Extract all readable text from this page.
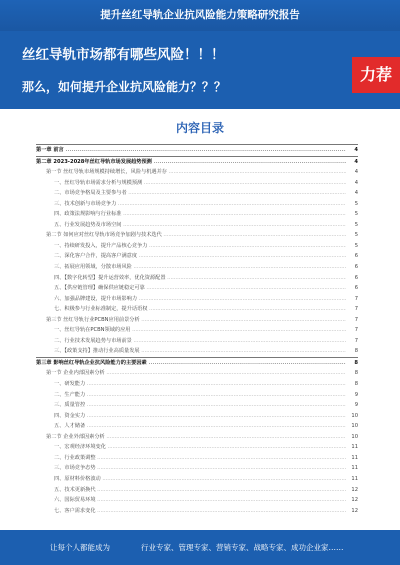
提升丝红导轨企业抗风险能力策略研究报告
丝红导轨市场都有哪些风险！！！
那么，如何提升企业抗风险能力？？？
力荐
内容目录
第一章 前言 .....	4
第二章 2023-2028年丝红导轨市场发展趋势预测 .....	4
第一节 丝红导轨市场规模持续增长，风险与机遇并存 .....	4
一、丝红导轨市场需求分析与规模预测 .....	4
二、市场竞争格局及主要参与者 .....	4
三、技术创新与市场竞争力 .....	5
四、政策法规影响与行业标准 .....	5
五、行业发展趋势及市场空间 .....	5
第二节 如何应对丝红导轨市场竞争加剧与技术迭代 .....	5
一、持续研发投入，提升产品核心竞争力 .....	5
二、深化客户合作，提高客户满意度 .....	6
三、拓展应用领域，分散市场风险 .....	6
四、【数字化转型】提升运营效率，优化资源配置 .....	6
五、【供应链管理】确保供应链稳定可靠 .....	6
六、加强品牌建设，提升市场影响力 .....	7
七、积极参与行业标准制定，提升话语权 .....	7
第三节 丝红导轨行业PCBN应用前景分析 .....	7
一、丝红导轨在PCBN领域的应用 .....	7
二、行业技术发展趋势与市场前景 .....	7
三、【政策支持】推动行业高质量发展 .....	8
第三章 影响丝红导轨企业抗风险能力的主要因素 .....	8
第一节 企业内部因素分析 .....	8
一、研发能力 .....	8
二、生产能力 .....	9
三、质量管控 .....	9
四、资金实力 .....	10
五、人才储备 .....	10
第二节 企业外部因素分析 .....	10
一、宏观经济环境变化 .....	11
二、行业政策调整 .....	11
三、市场竞争态势 .....	11
四、原材料价格波动 .....	11
五、技术更新换代 .....	12
六、国际贸易环境 .....	12
七、客户需求变化 .....	12
让每个人都能成为	行业专家、管理专家、营销专家、战略专家、成功企业家……
